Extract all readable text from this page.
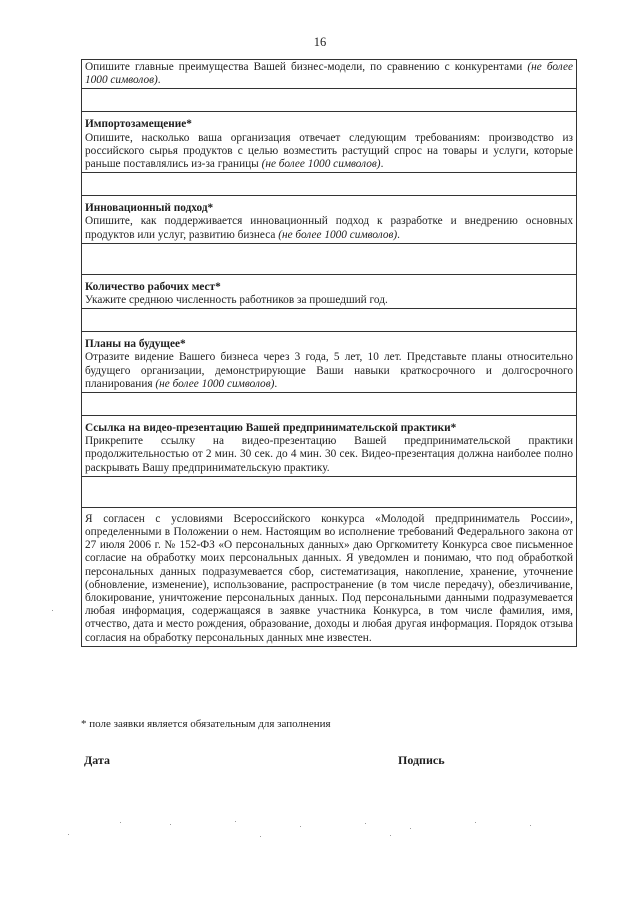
16
Опишите главные преимущества Вашей бизнес-модели, по сравнению с конкурентами (не более 1000 символов).

Импортозамещение*
Опишите, насколько ваша организация отвечает следующим требованиям: производство из российского сырья продуктов с целью возместить растущий спрос на товары и услуги, которые раньше поставлялись из-за границы (не более 1000 символов).

Инновационный подход*
Опишите, как поддерживается инновационный подход к разработке и внедрению основных продуктов или услуг, развитию бизнеса (не более 1000 символов).

Количество рабочих мест*
Укажите среднюю численность работников за прошедший год.

Планы на будущее*
Отразите видение Вашего бизнеса через 3 года, 5 лет, 10 лет. Представьте планы относительно будущего организации, демонстрирующие Ваши навыки краткосрочного и долгосрочного планирования (не более 1000 символов).

Ссылка на видео-презентацию Вашей предпринимательской практики*
Прикрепите ссылку на видео-презентацию Вашей предпринимательской практики продолжительностью от 2 мин. 30 сек. до 4 мин. 30 сек. Видео-презентация должна наиболее полно раскрывать Вашу предпринимательскую практику.

Я согласен с условиями Всероссийского конкурса «Молодой предприниматель России», определенными в Положении о нем. Настоящим во исполнение требований Федерального закона от 27 июля 2006 г. № 152-ФЗ «О персональных данных» даю Оргкомитету Конкурса свое письменное согласие на обработку моих персональных данных. Я уведомлен и понимаю, что под обработкой персональных данных подразумевается сбор, систематизация, накопление, хранение, уточнение (обновление, изменение), использование, распространение (в том числе передачу), обезличивание, блокирование, уничтожение персональных данных. Под персональными данными подразумевается любая информация, содержащаяся в заявке участника Конкурса, в том числе фамилия, имя, отчество, дата и место рождения, образование, доходы и любая другая информация. Порядок отзыва согласия на обработку персональных данных мне известен.
* поле заявки является обязательным для заполнения
Дата	Подпись
